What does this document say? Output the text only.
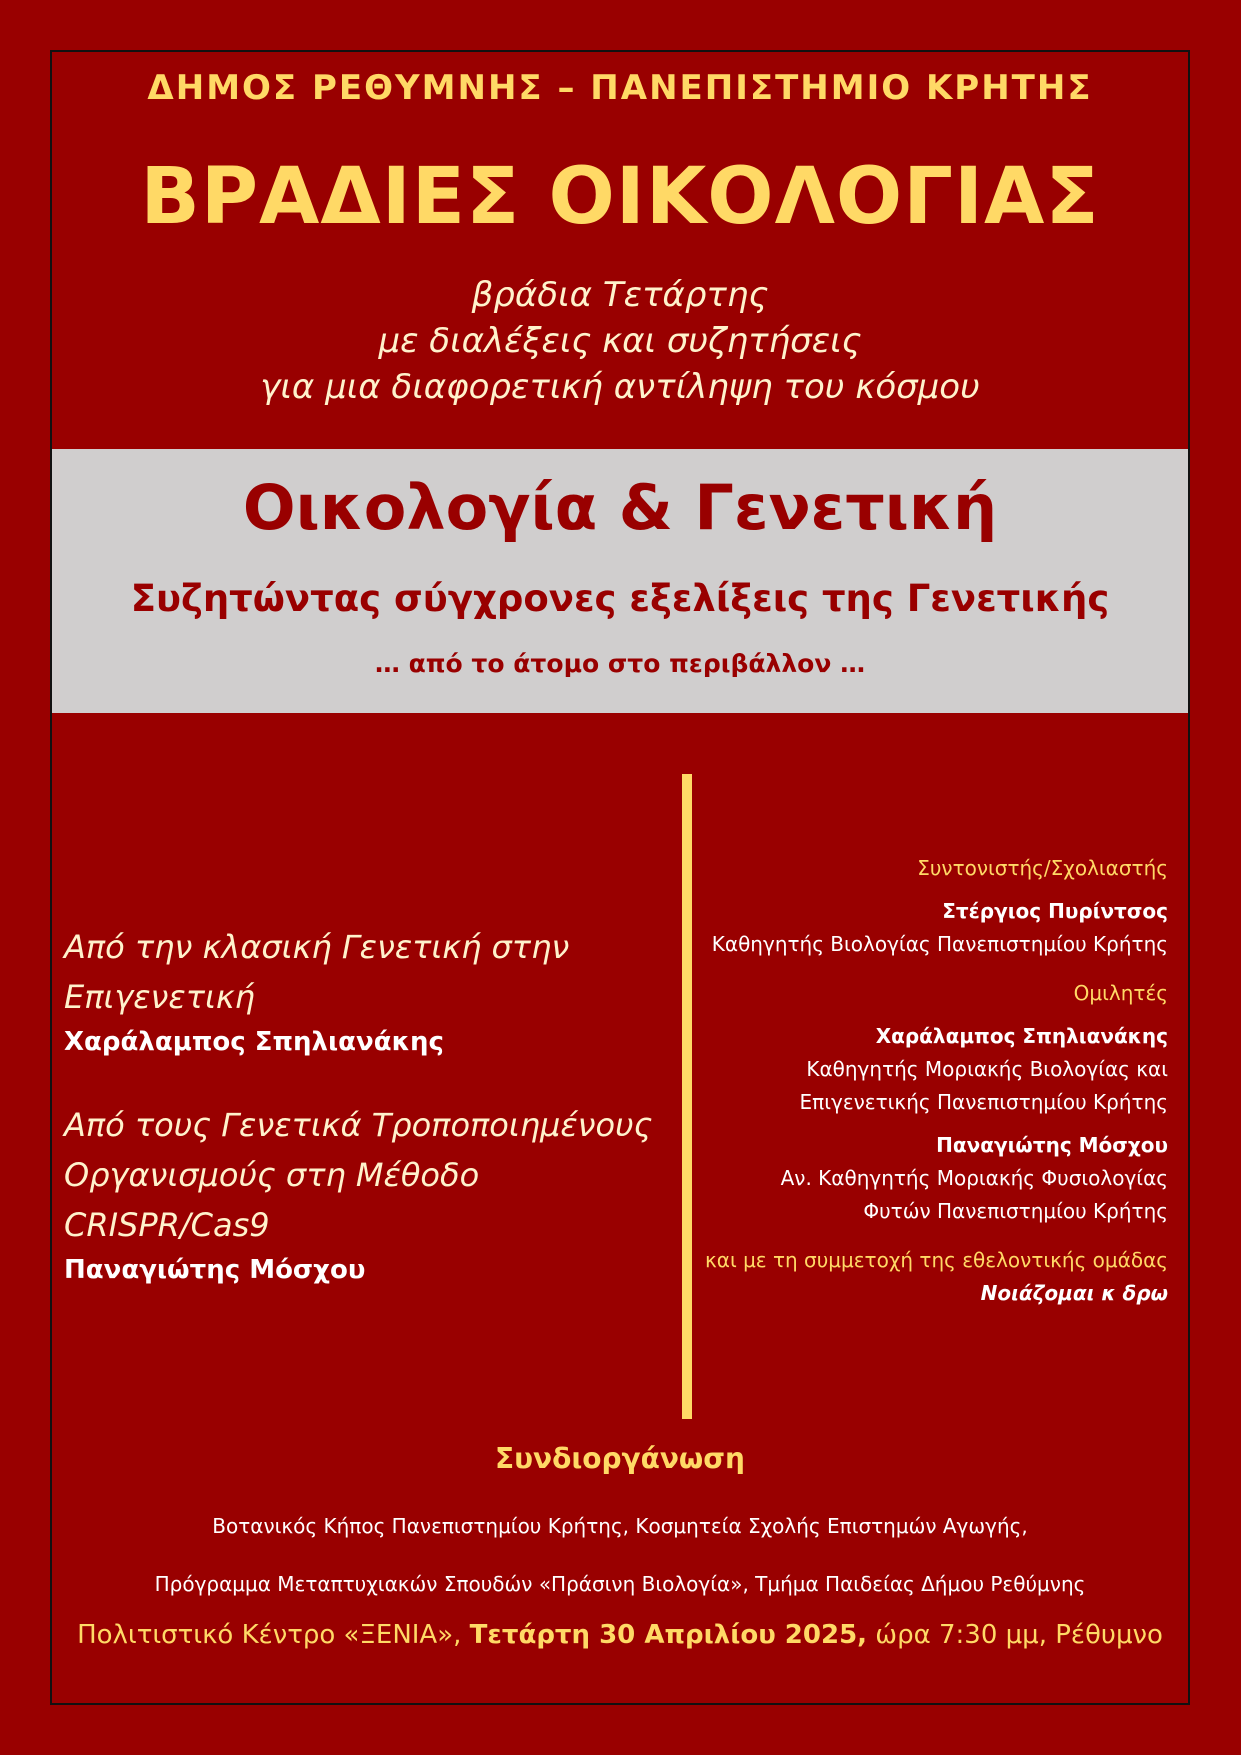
ΔΗΜΟΣ ΡΕΘΥΜΝΗΣ – ΠΑΝΕΠΙΣΤΗΜΙΟ ΚΡΗΤΗΣ
ΒΡΑΔΙΕΣ ΟΙΚΟΛΟΓΙΑΣ
βράδια Τετάρτης
με διαλέξεις και συζητήσεις
για μια διαφορετική αντίληψη του κόσμου
Οικολογία & Γενετική
Συζητώντας σύγχρονες εξελίξεις της Γενετικής
… από το άτομο στο περιβάλλον …
Από την κλασική Γενετική στην
Επιγενετική
Χαράλαμπος Σπηλιανάκης
Από τους Γενετικά Τροποποιημένους
Οργανισμούς στη Μέθοδο CRISPR/Cas9
Παναγιώτης Μόσχου
Συντονιστής/Σχολιαστής
Στέργιος Πυρίντσος
Καθηγητής Βιολογίας Πανεπιστημίου Κρήτης
Ομιλητές
Χαράλαμπος Σπηλιανάκης
Καθηγητής Μοριακής Βιολογίας και
Επιγενετικής Πανεπιστημίου Κρήτης
Παναγιώτης Μόσχου
Αν. Καθηγητής Μοριακής Φυσιολογίας
Φυτών Πανεπιστημίου Κρήτης
και με τη συμμετοχή της εθελοντικής ομάδας
Νοιάζομαι κ δρω
Συνδιοργάνωση
Βοτανικός Κήπος Πανεπιστημίου Κρήτης, Κοσμητεία Σχολής Επιστημών Αγωγής,
Πρόγραμμα Μεταπτυχιακών Σπουδών «Πράσινη Βιολογία», Τμήμα Παιδείας Δήμου Ρεθύμνης
Πολιτιστικό Κέντρο «ΞΕΝΙΑ», Τετάρτη 30 Απριλίου 2025, ώρα 7:30 μμ, Ρέθυμνο
